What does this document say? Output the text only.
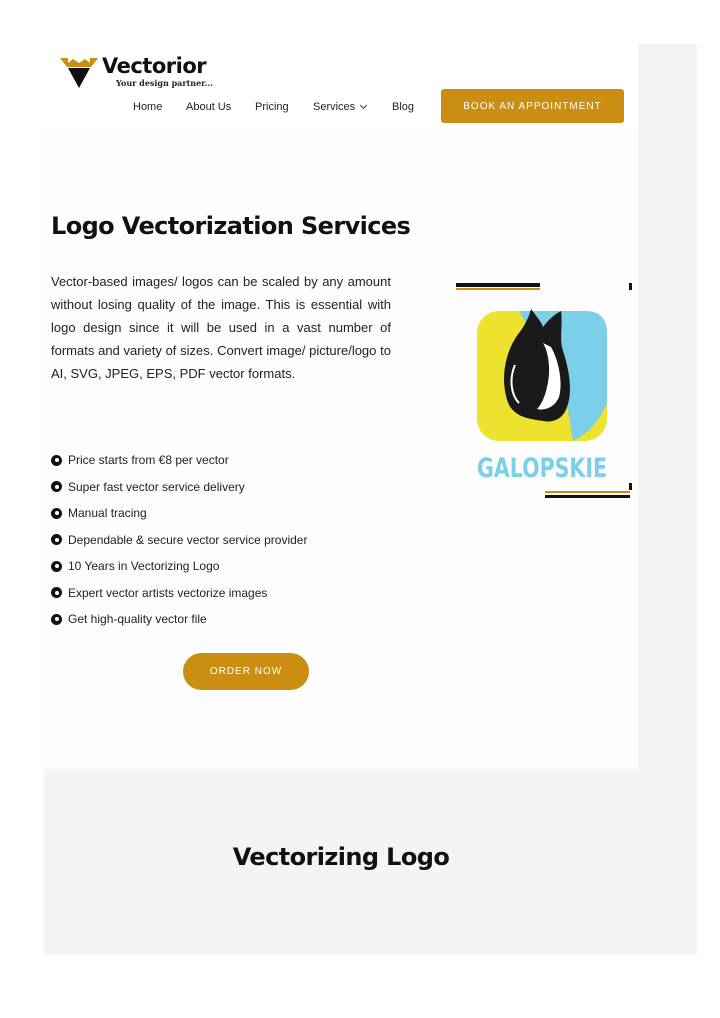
Vectorior
Your design partner...
Home About Us Pricing Services	Blog	BOOK AN APPOINTMENT
Logo Vectorization Services

Vector-based images/ logos can be scaled by any amount without losing quality of the image. This is essential with logo design since it will be used in a vast number of formats and variety of sizes. Convert image/ picture/logo to AI, SVG, JPEG, EPS, PDF vector formats.

Price starts from €8 per vector
Super fast vector service delivery
Manual tracing
Dependable & secure vector service provider
10 Years in Vectorizing Logo
Expert vector artists vectorize images
Get high-quality vector file
ORDER NOW
GALOPSKIE
Vectorizing Logo
